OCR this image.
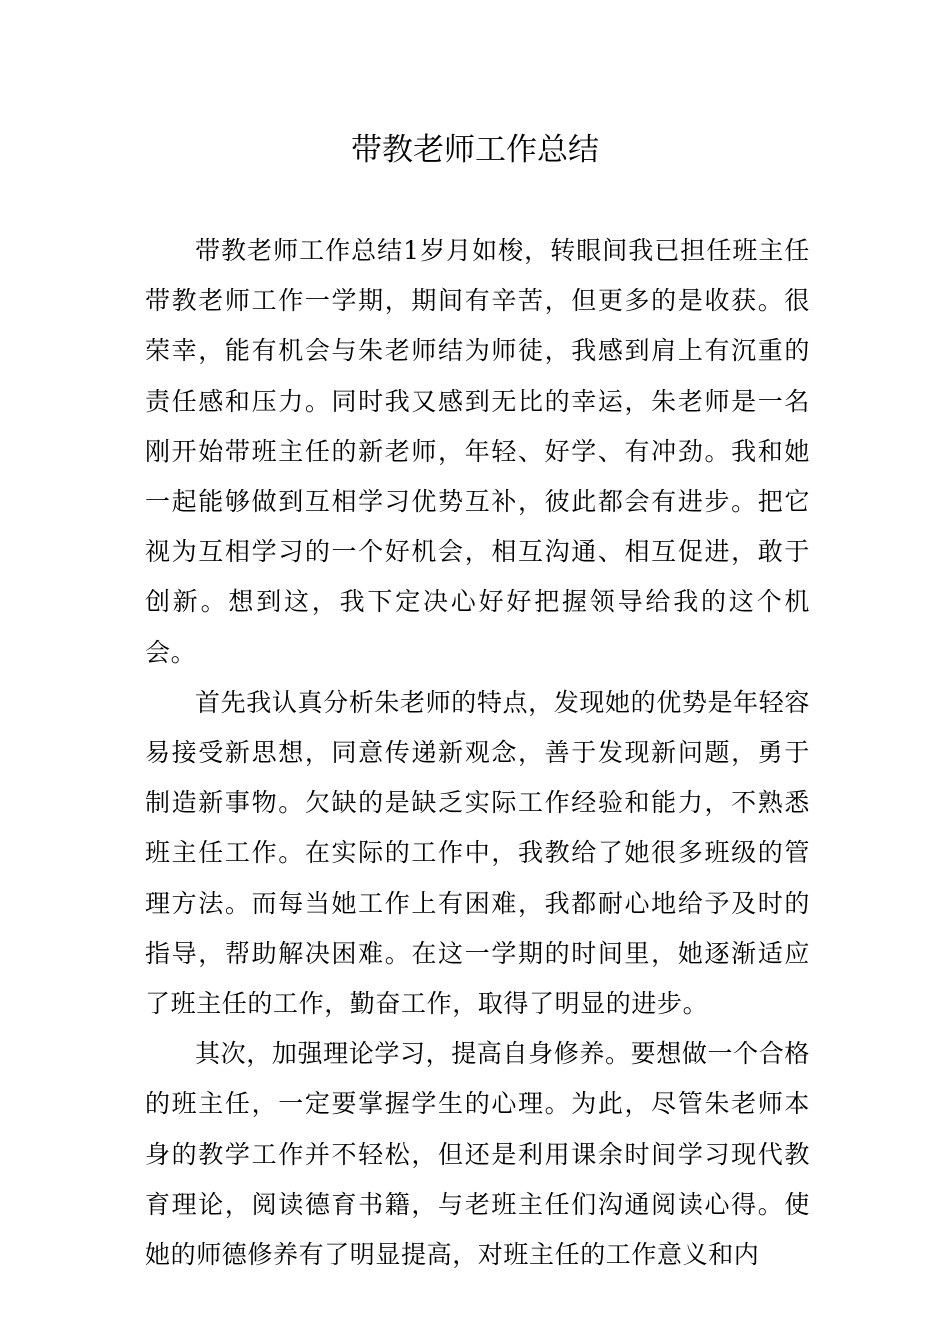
带教老师工作总结

带教老师工作总结1岁月如梭，转眼间我已担任班主任带教老师工作一学期，期间有辛苦，但更多的是收获。很荣幸，能有机会与朱老师结为师徒，我感到肩上有沉重的责任感和压力。同时我又感到无比的幸运，朱老师是一名刚开始带班主任的新老师，年轻、好学、有冲劲。我和她一起能够做到互相学习优势互补，彼此都会有进步。把它视为互相学习的一个好机会，相互沟通、相互促进，敢于创新。想到这，我下定决心好好把握领导给我的这个机会。

首先我认真分析朱老师的特点，发现她的优势是年轻容易接受新思想，同意传递新观念，善于发现新问题，勇于制造新事物。欠缺的是缺乏实际工作经验和能力，不熟悉班主任工作。在实际的工作中，我教给了她很多班级的管理方法。而每当她工作上有困难，我都耐心地给予及时的指导，帮助解决困难。在这一学期的时间里，她逐渐适应了班主任的工作，勤奋工作，取得了明显的进步。

其次，加强理论学习，提高自身修养。要想做一个合格的班主任，一定要掌握学生的心理。为此，尽管朱老师本身的教学工作并不轻松，但还是利用课余时间学习现代教育理论，阅读德育书籍，与老班主任们沟通阅读心得。使她的师德修养有了明显提高，对班主任的工作意义和内
